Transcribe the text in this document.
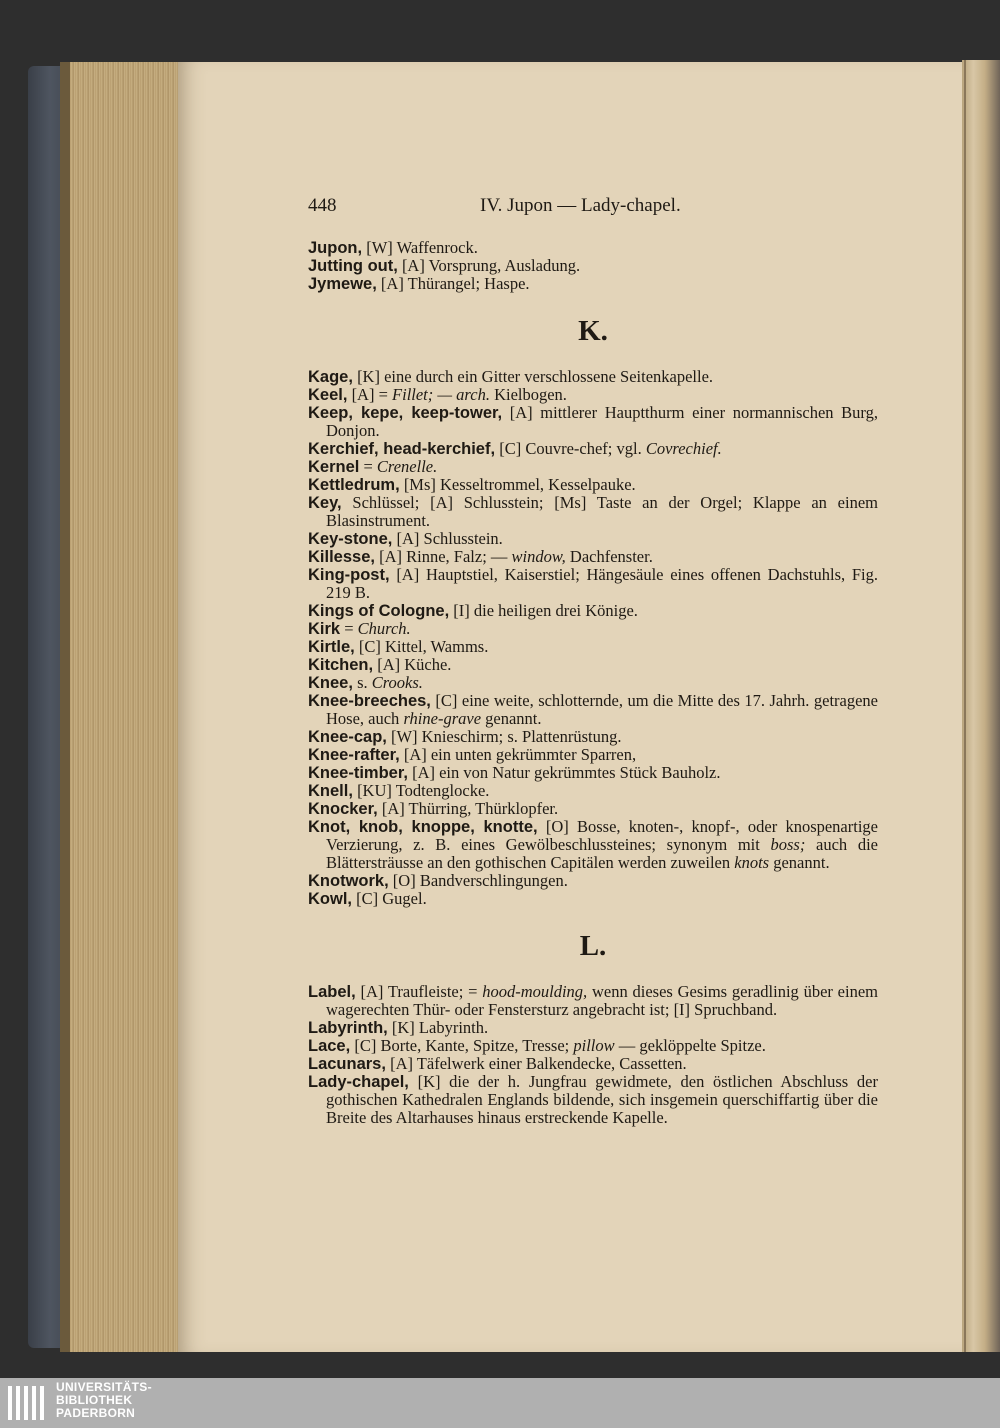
448	IV. Jupon — Lady-chapel.
Jupon, [W] Waffenrock.
Jutting out, [A] Vorsprung, Ausladung.
Jymewe, [A] Thürangel; Haspe.
K.
Kage, [K] eine durch ein Gitter verschlossene Seitenkapelle.
Keel, [A] = Fillet; — arch. Kielbogen.
Keep, kepe, keep-tower, [A] mittlerer Hauptthurm einer normannischen Burg, Donjon.
Kerchief, head-kerchief, [C] Couvre-chef; vgl. Covrechief.
Kernel = Crenelle.
Kettledrum, [Ms] Kesseltrommel, Kesselpauke.
Key, Schlüssel; [A] Schlusstein; [Ms] Taste an der Orgel; Klappe an einem Blasinstrument.
Key-stone, [A] Schlusstein.
Killesse, [A] Rinne, Falz; — window, Dachfenster.
King-post, [A] Hauptstiel, Kaiserstiel; Hängesäule eines offenen Dachstuhls, Fig. 219 B.
Kings of Cologne, [I] die heiligen drei Könige.
Kirk = Church.
Kirtle, [C] Kittel, Wamms.
Kitchen, [A] Küche.
Knee, s. Crooks.
Knee-breeches, [C] eine weite, schlotternde, um die Mitte des 17. Jahrh. getragene Hose, auch rhine-grave genannt.
Knee-cap, [W] Knieschirm; s. Plattenrüstung.
Knee-rafter, [A] ein unten gekrümmter Sparren,
Knee-timber, [A] ein von Natur gekrümmtes Stück Bauholz.
Knell, [KU] Todtenglocke.
Knocker, [A] Thürring, Thürklopfer.
Knot, knob, knoppe, knotte, [O] Bosse, knoten-, knopf-, oder knospenartige Verzierung, z. B. eines Gewölbeschlussteines; synonym mit boss; auch die Blättersträusse an den gothischen Capitälen werden zuweilen knots genannt.
Knotwork, [O] Bandverschlingungen.
Kowl, [C] Gugel.
L.
Label, [A] Traufleiste; = hood-moulding, wenn dieses Gesims geradlinig über einem wagerechten Thür- oder Fenstersturz angebracht ist; [I] Spruchband.
Labyrinth, [K] Labyrinth.
Lace, [C] Borte, Kante, Spitze, Tresse; pillow — geklöppelte Spitze.
Lacunars, [A] Täfelwerk einer Balkendecke, Cassetten.
Lady-chapel, [K] die der h. Jungfrau gewidmete, den östlichen Abschluss der gothischen Kathedralen Englands bildende, sich insgemein querschiffartig über die Breite des Altarhauses hinaus erstreckende Kapelle.
UNIVERSITÄTS-
BIBLIOTHEK
PADERBORN
